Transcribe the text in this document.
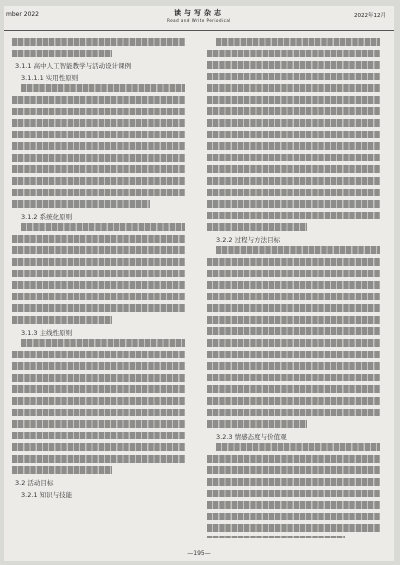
mber 2022	读与写杂志
Read and Write Periodical
2022年12月
3.1.1 高中人工智能教学与活动设计课例
3.1.1.1 实用性原则
3.1.2 系统化原则
3.1.3 主线性原则
3.2 活动目标
3.2.1 知识与技能
3.2.2 过程与方法目标
3.2.3 情感态度与价值观
—195—
